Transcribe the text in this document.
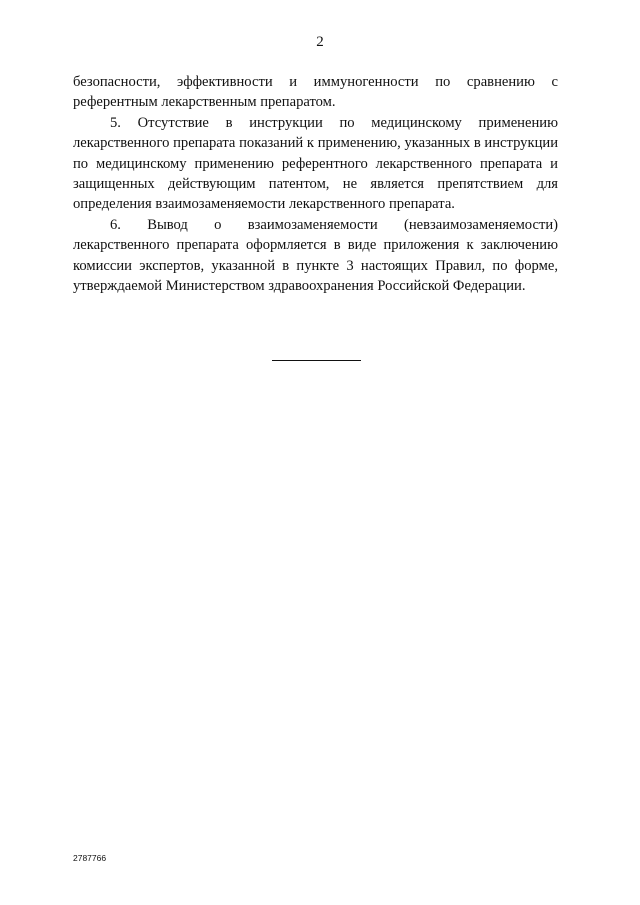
2

безопасности, эффективности и иммуногенности по сравнению с референтным лекарственным препаратом.

5. Отсутствие в инструкции по медицинскому применению лекарственного препарата показаний к применению, указанных в инструкции по медицинскому применению референтного лекарственного препарата и защищенных действующим патентом, не является препятствием для определения взаимозаменяемости лекарственного препарата.

6. Вывод о взаимозаменяемости (невзаимозаменяемости) лекарственного препарата оформляется в виде приложения к заключению комиссии экспертов, указанной в пункте 3 настоящих Правил, по форме, утверждаемой Министерством здравоохранения Российской Федерации.

2787766
